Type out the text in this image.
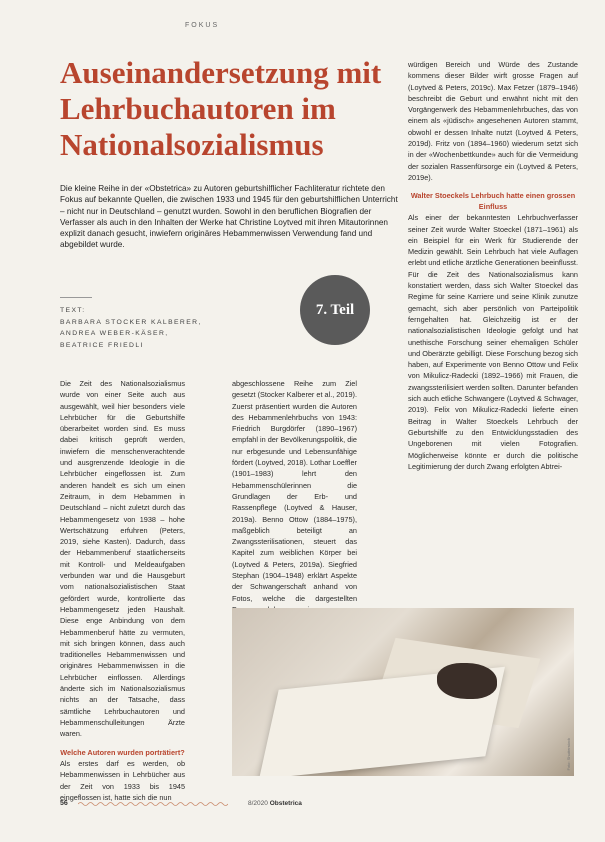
FOKUS
Auseinandersetzung mit Lehrbuchautoren im Nationalsozialismus

Die kleine Reihe in der «Obstetrica» zu Autoren geburtshilflicher Fachliteratur richtete den Fokus auf bekannte Quellen, die zwischen 1933 und 1945 für den geburtshilflichen Unterricht – nicht nur in Deutschland – genutzt wurden. Sowohl in den beruflichen Biografien der Verfasser als auch in den Inhalten der Werke hat Christine Loytved mit ihren Mitautorinnen explizit danach gesucht, inwiefern originäres Hebammenwissen Verwendung fand und abgebildet wurde.

TEXT:
BARBARA STOCKER KALBERER,
ANDREA WEBER-KÄSER,
BEATRICE FRIEDLI
7. Teil

Die Zeit des Nationalsozialismus wurde von einer Seite auch aus ausgewählt, weil hier besonders viele Lehrbücher für die Geburtshilfe überarbeitet worden sind. Es muss dabei kritisch geprüft werden, inwiefern die menschenverachtende und ausgrenzende Ideologie in die Lehrbücher eingeflossen ist. Zum anderen handelt es sich um einen Zeitraum, in dem Hebammen in Deutschland – nicht zuletzt durch das Hebammengesetz von 1938 – hohe Wertschätzung erfuhren (Peters, 2019, siehe Kasten). Dadurch, dass der Hebammenberuf staatlicherseits mit Kontroll- und Meldeaufgaben verbunden war und die Hausgeburt vom nationalsozialistischen Staat gefördert wurde, kontrollierte das Hebammengesetz jeden Haushalt. Diese enge Anbindung von dem Hebammenberuf hätte zu vermuten, mit sich bringen können, dass auch traditionelles Hebammenwissen und originäres Hebammenwissen in die Lehrbücher einflossen. Allerdings änderte sich im Nationalsozialismus nichts an der Tatsache, dass sämtliche Lehrbuchautoren und Hebammenschulleitungen Ärzte waren.

Welche Autoren wurden porträtiert?

Als erstes darf es werden, ob Hebammenwissen in Lehrbücher aus der Zeit von 1933 bis 1945 eingeflossen ist, hatte sich die nun

abgeschlossene Reihe zum Ziel gesetzt (Stocker Kalberer et al., 2019). Zuerst präsentiert wurden die Autoren des Hebammenlehrbuchs von 1943: Friedrich Burgdörfer (1890–1967) empfahl in der Bevölkerungspolitik, die nur erbgesunde und Lebensunfähige fördert (Loytved, 2018). Lothar Loeffler (1901–1983) lehrt den Hebammenschülerinnen die Grundlagen der Erb- und Rassenpflege (Loytved & Hauser, 2019a). Benno Ottow (1884–1975), maßgeblich beteiligt an Zwangssterilisationen, steuert das Kapitel zum weiblichen Körper bei (Loytved & Peters, 2019a). Siegfried Stephan (1904–1948) erklärt Aspekte der Schwangerschaft anhand von Fotos, welche die dargestellten

würdigen Bereich und Würde des Zustande kommens dieser Bilder wirft grosse Fragen auf (Loytved & Peters, 2019c). Max Fetzer (1879–1946) beschreibt die Geburt und erwähnt nicht mit den Vorgängerwerk des Hebammenlehrbuches, das von einem als «jüdisch» angesehenen Autoren stammt, obwohl er dessen Inhalte nutzt (Loytved & Peters, 2019d). Fritz von (1894–1960) wiederum setzt sich in der «Wochenbettkunde» auch für die Vermeidung der sozialen Rassenfürsorge ein (Loytved & Peters, 2019e).

Walter Stoeckels Lehrbuch hatte einen grossen Einfluss

Als einer der bekanntesten Lehrbuchverfasser seiner Zeit wurde Walter Stoeckel (1871–1961) als ein Beispiel für ein Werk für Studierende der Medizin gewählt. Sein Lehrbuch hat viele Auflagen erlebt und etliche ärztliche Generationen beeinflusst. Für die Zeit des Nationalsozialismus kann konstatiert werden, dass sich Walter Stoeckel das Regime für seine Karriere und seine Klinik zunutze gemacht, sich aber persönlich von Parteipolitik ferngehalten hat. Gleichzeitig ist er der nationalsozialistischen Ideologie gefolgt und hat unethische Forschung seiner ehemaligen Schüler und Oberärzte gebilligt. Diese Forschung bezog sich haben, auf Experimente von Benno Ottow und Felix von Mikulicz-Radecki (1892–1966) mit Frauen, die zwangssterilisiert werden sollten. Darunter befanden sich auch etliche Schwangere (Loytved & Schwager, 2019). Felix von Mikulicz-Radecki lieferte einen Beitrag in Walter Stoeckels Lehrbuch der Geburtshilfe zu den Entwicklungsstadien des Ungeborenen mit vielen Fotografien. Möglicherweise könnte er durch die politische Legitimierung der durch Zwang erfolgten Abtrei-

Foto: Shutterstock
56	8/2020 Obstetrica
